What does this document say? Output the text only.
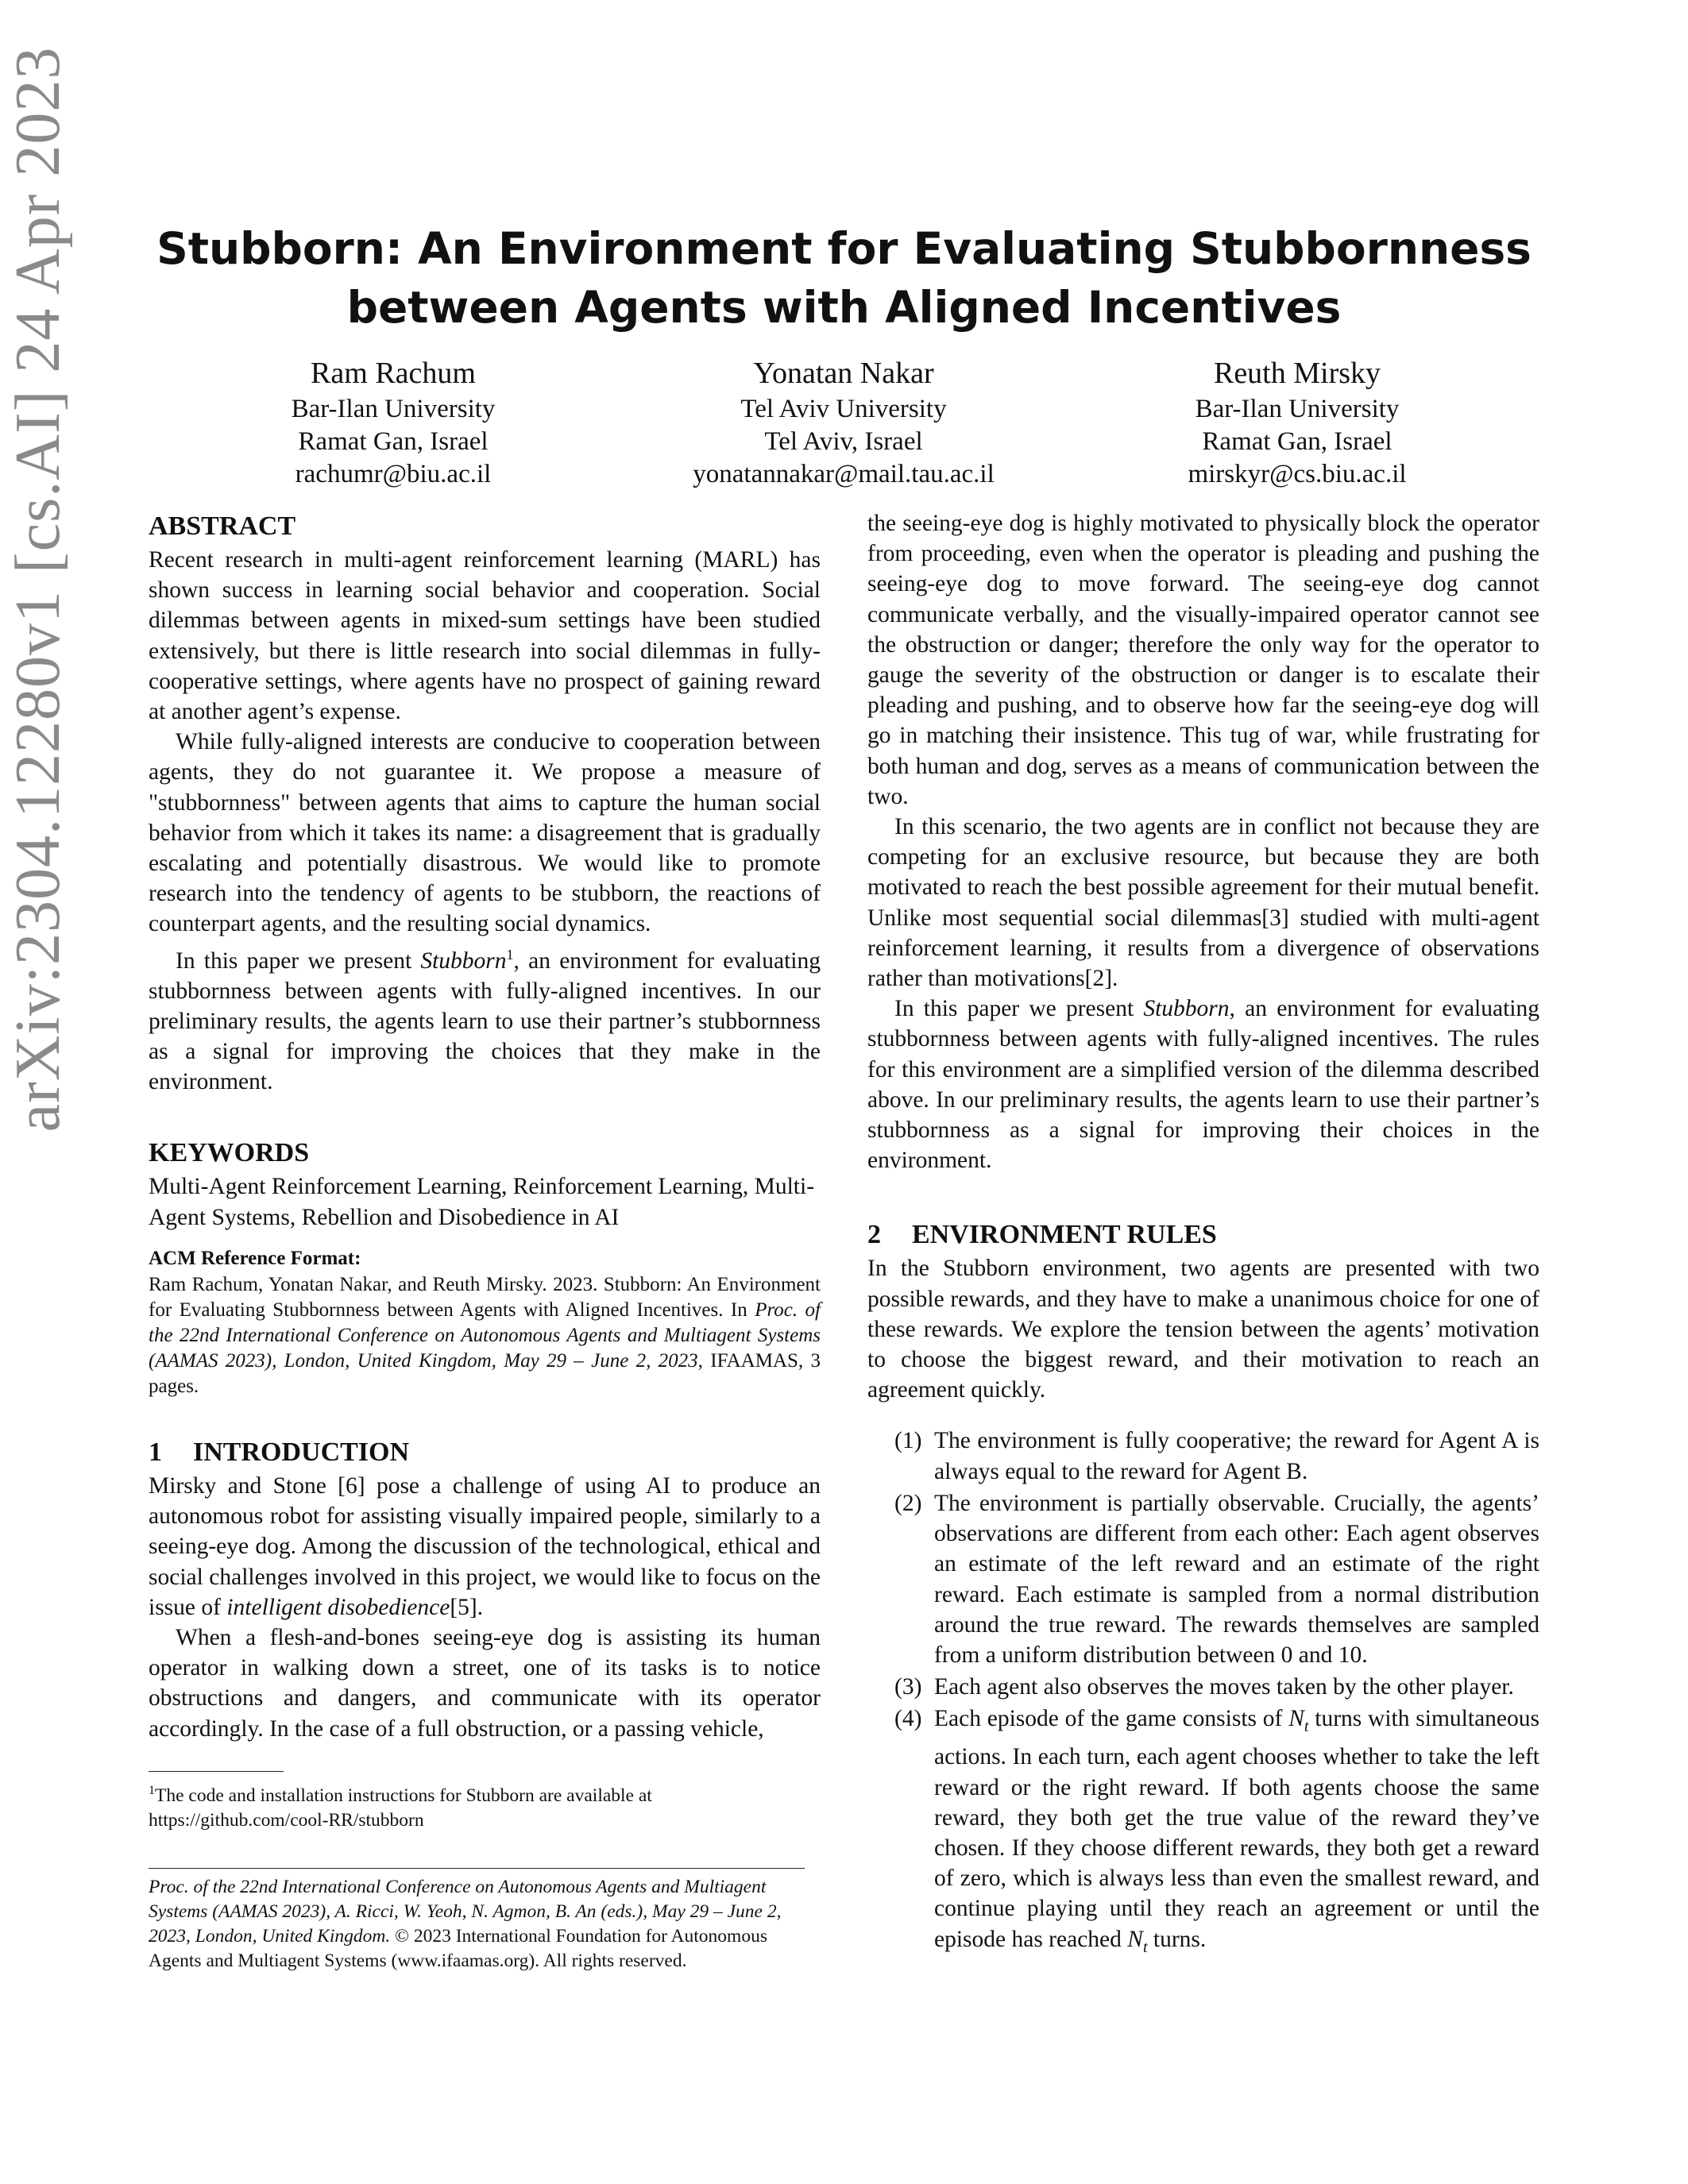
arXiv:2304.12280v1 [cs.AI] 24 Apr 2023	Stubborn: An Environment for Evaluating Stubbornness
between Agents with Aligned Incentives
Ram Rachum
Bar-Ilan University
Ramat Gan, Israel
rachumr@biu.ac.il
Yonatan Nakar
Tel Aviv University
Tel Aviv, Israel
yonatannakar@mail.tau.ac.il
Reuth Mirsky
Bar-Ilan University
Ramat Gan, Israel
mirskyr@cs.biu.ac.il
ABSTRACT

Recent research in multi-agent reinforcement learning (MARL) has shown success in learning social behavior and cooperation. Social dilemmas between agents in mixed-sum settings have been studied extensively, but there is little research into social dilemmas in fully-cooperative settings, where agents have no prospect of gaining reward at another agent’s expense.

While fully-aligned interests are conducive to cooperation between agents, they do not guarantee it. We propose a measure of "stubbornness" between agents that aims to capture the human social behavior from which it takes its name: a disagreement that is gradually escalating and potentially disastrous. We would like to promote research into the tendency of agents to be stubborn, the reactions of counterpart agents, and the resulting social dynamics.

In this paper we present Stubborn$^1$, an environment for evaluating stubbornness between agents with fully-aligned incentives. In our preliminary results, the agents learn to use their partner’s stubbornness as a signal for improving the choices that they make in the environment.

KEYWORDS

Multi-Agent Reinforcement Learning, Reinforcement Learning, Multi-Agent Systems, Rebellion and Disobedience in AI

ACM Reference Format:

Ram Rachum, Yonatan Nakar, and Reuth Mirsky. 2023. Stubborn: An Environment for Evaluating Stubbornness between Agents with Aligned Incentives. In Proc. of the 22nd International Conference on Autonomous Agents and Multiagent Systems (AAMAS 2023), London, United Kingdom, May 29 – June 2, 2023, IFAAMAS, 3 pages.

1 INTRODUCTION

Mirsky and Stone [6] pose a challenge of using AI to produce an autonomous robot for assisting visually impaired people, similarly to a seeing-eye dog. Among the discussion of the technological, ethical and social challenges involved in this project, we would like to focus on the issue of intelligent disobedience[5].

When a flesh-and-bones seeing-eye dog is assisting its human operator in walking down a street, one of its tasks is to notice obstructions and dangers, and communicate with its operator accordingly. In the case of a full obstruction, or a passing vehicle,

$^1$The code and installation instructions for Stubborn are available at https://github.com/cool-RR/stubborn
Proc. of the 22nd International Conference on Autonomous Agents and Multiagent Systems (AAMAS 2023), A. Ricci, W. Yeoh, N. Agmon, B. An (eds.), May 29 – June 2, 2023, London, United Kingdom. © 2023 International Foundation for Autonomous Agents and Multiagent Systems (www.ifaamas.org). All rights reserved.

the seeing-eye dog is highly motivated to physically block the operator from proceeding, even when the operator is pleading and pushing the seeing-eye dog to move forward. The seeing-eye dog cannot communicate verbally, and the visually-impaired operator cannot see the obstruction or danger; therefore the only way for the operator to gauge the severity of the obstruction or danger is to escalate their pleading and pushing, and to observe how far the seeing-eye dog will go in matching their insistence. This tug of war, while frustrating for both human and dog, serves as a means of communication between the two.

In this scenario, the two agents are in conflict not because they are competing for an exclusive resource, but because they are both motivated to reach the best possible agreement for their mutual benefit. Unlike most sequential social dilemmas[3] studied with multi-agent reinforcement learning, it results from a divergence of observations rather than motivations[2].

In this paper we present Stubborn, an environment for evaluating stubbornness between agents with fully-aligned incentives. The rules for this environment are a simplified version of the dilemma described above. In our preliminary results, the agents learn to use their partner’s stubbornness as a signal for improving their choices in the environment.

2 ENVIRONMENT RULES

In the Stubborn environment, two agents are presented with two possible rewards, and they have to make a unanimous choice for one of these rewards. We explore the tension between the agents’ motivation to choose the biggest reward, and their motivation to reach an agreement quickly.

(1) The environment is fully cooperative; the reward for Agent A is always equal to the reward for Agent B.
(2) The environment is partially observable. Crucially, the agents’ observations are different from each other: Each agent observes an estimate of the left reward and an estimate of the right reward. Each estimate is sampled from a normal distribution around the true reward. The rewards themselves are sampled from a uniform distribution between 0 and 10.
(3) Each agent also observes the moves taken by the other player.
(4) Each episode of the game consists of $N_t$ turns with simultaneous actions. In each turn, each agent chooses whether to take the left reward or the right reward. If both agents choose the same reward, they both get the true value of the reward they’ve chosen. If they choose different rewards, they both get a reward of zero, which is always less than even the smallest reward, and continue playing until they reach an agreement or until the episode has reached $N_t$ turns.
